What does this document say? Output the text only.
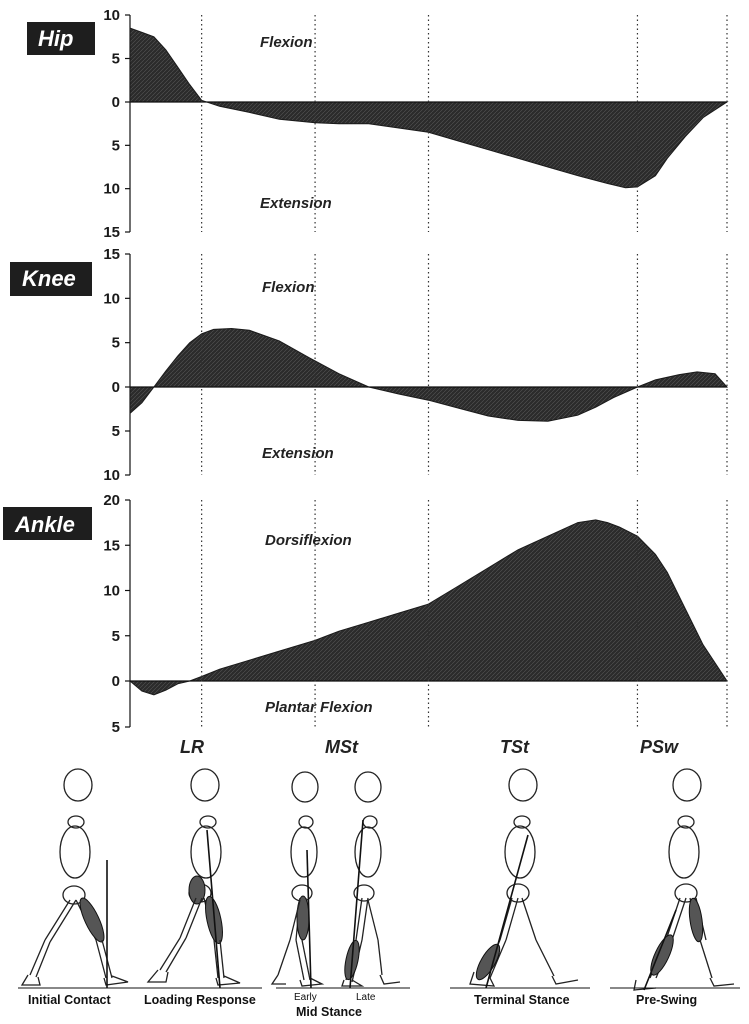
Hip
Knee
Ankle
10
5
0
5
10
15
Flexion
Extension
15
10
5
0
5
10
Flexion
Extension
20
15
10
5
0
5
Dorsiflexion
Plantar Flexion
LR	MSt	TSt	PSw
Initial Contact	Loading Response	Early	Late
Mid Stance
Terminal Stance	Pre-Swing
